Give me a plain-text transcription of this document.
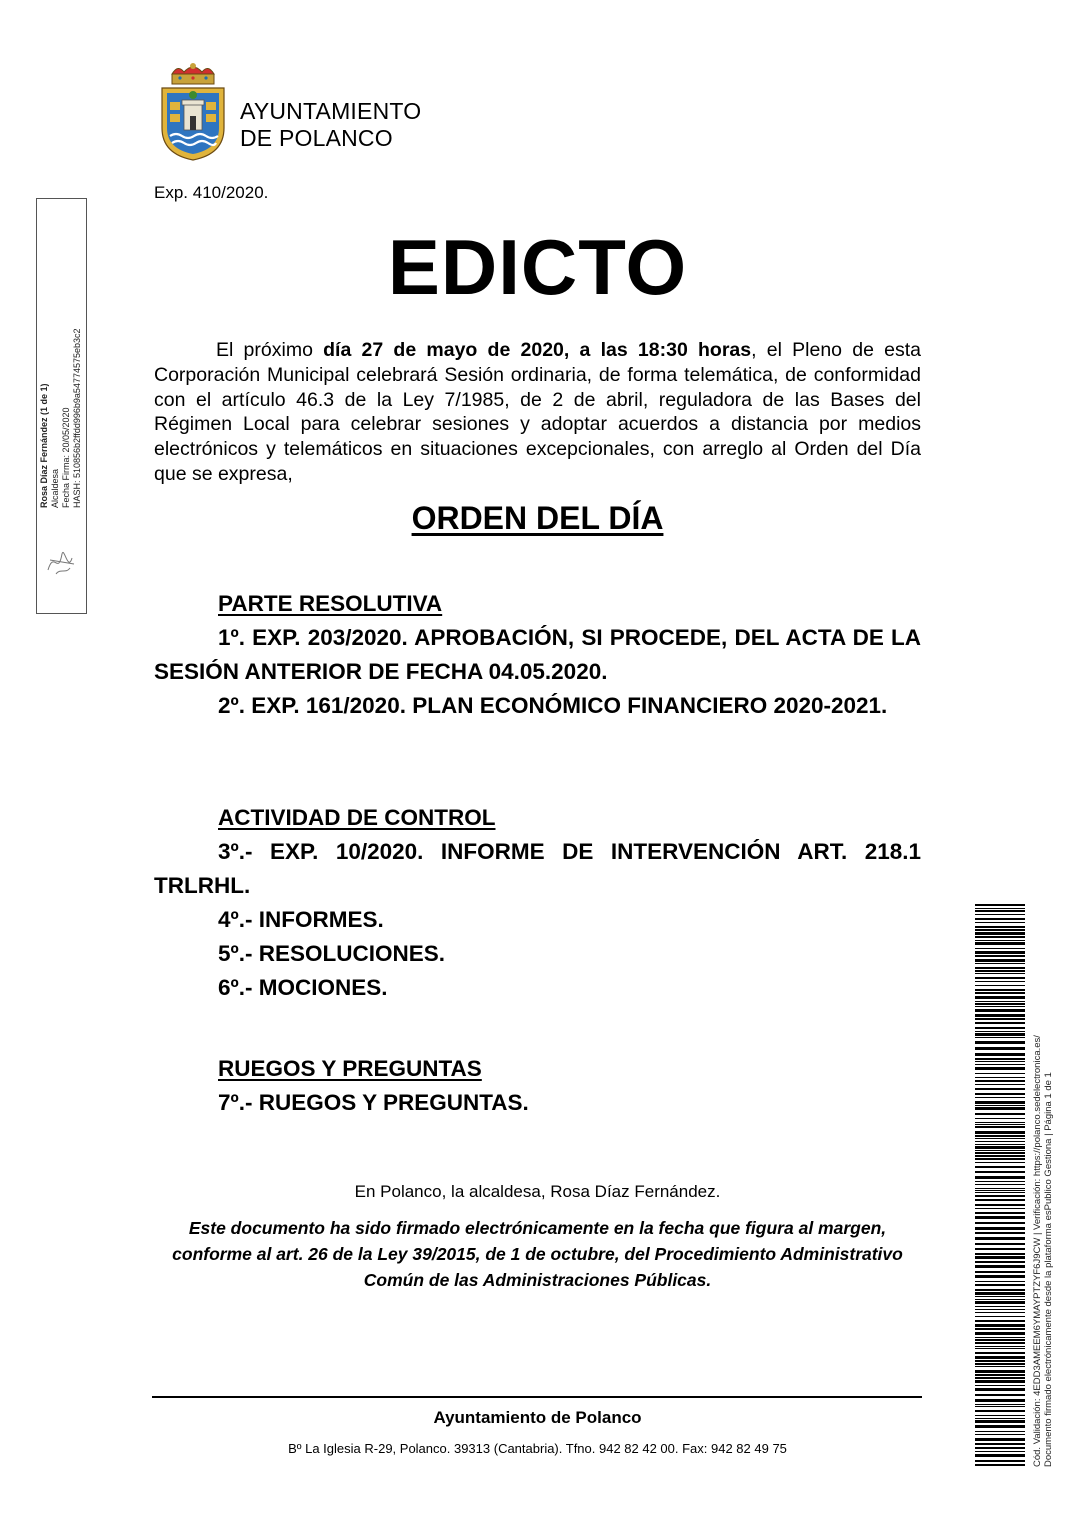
AYUNTAMIENTO
DE POLANCO
Exp. 410/2020.
EDICTO
El próximo día 27 de mayo de 2020, a las 18:30 horas, el Pleno de esta Corporación Municipal celebrará Sesión ordinaria, de forma telemática, de conformidad con el artículo 46.3 de la Ley 7/1985, de 2 de abril, reguladora de las Bases del Régimen Local para celebrar sesiones y adoptar acuerdos a distancia por medios electrónicos y telemáticos en situaciones excepcionales, con arreglo al Orden del Día que se expresa,
ORDEN DEL DÍA
PARTE RESOLUTIVA
1º. EXP. 203/2020. APROBACIÓN, SI PROCEDE, DEL ACTA DE LA SESIÓN ANTERIOR DE FECHA 04.05.2020.
2º. EXP. 161/2020. PLAN ECONÓMICO FINANCIERO 2020-2021.
ACTIVIDAD DE CONTROL
3º.- EXP. 10/2020. INFORME DE INTERVENCIÓN ART. 218.1 TRLRHL.
4º.- INFORMES.
5º.- RESOLUCIONES.
6º.- MOCIONES.
RUEGOS Y PREGUNTAS
7º.- RUEGOS Y PREGUNTAS.
En Polanco, la alcaldesa, Rosa Díaz Fernández.
Este documento ha sido firmado electrónicamente en la fecha que figura al margen, conforme al art. 26 de la Ley 39/2015, de 1 de octubre, del Procedimiento Administrativo Común de las Administraciones Públicas.
Ayuntamiento de Polanco
Bº La Iglesia R-29, Polanco. 39313 (Cantabria). Tfno. 942 82 42 00. Fax: 942 82 49 75
Rosa Díaz Fernández (1 de 1) Alcaldesa Fecha Firma: 20/05/2020 HASH: 510856b2ffdd996b9a54774575eb3c2
Cód. Validación: 4EDD3AMEEM6YMAYPTZYF6J9CW | Verificación: https://polanco.sedelectronica.es/ Documento firmado electrónicamente desde la plataforma esPublico Gestiona | Página 1 de 1
